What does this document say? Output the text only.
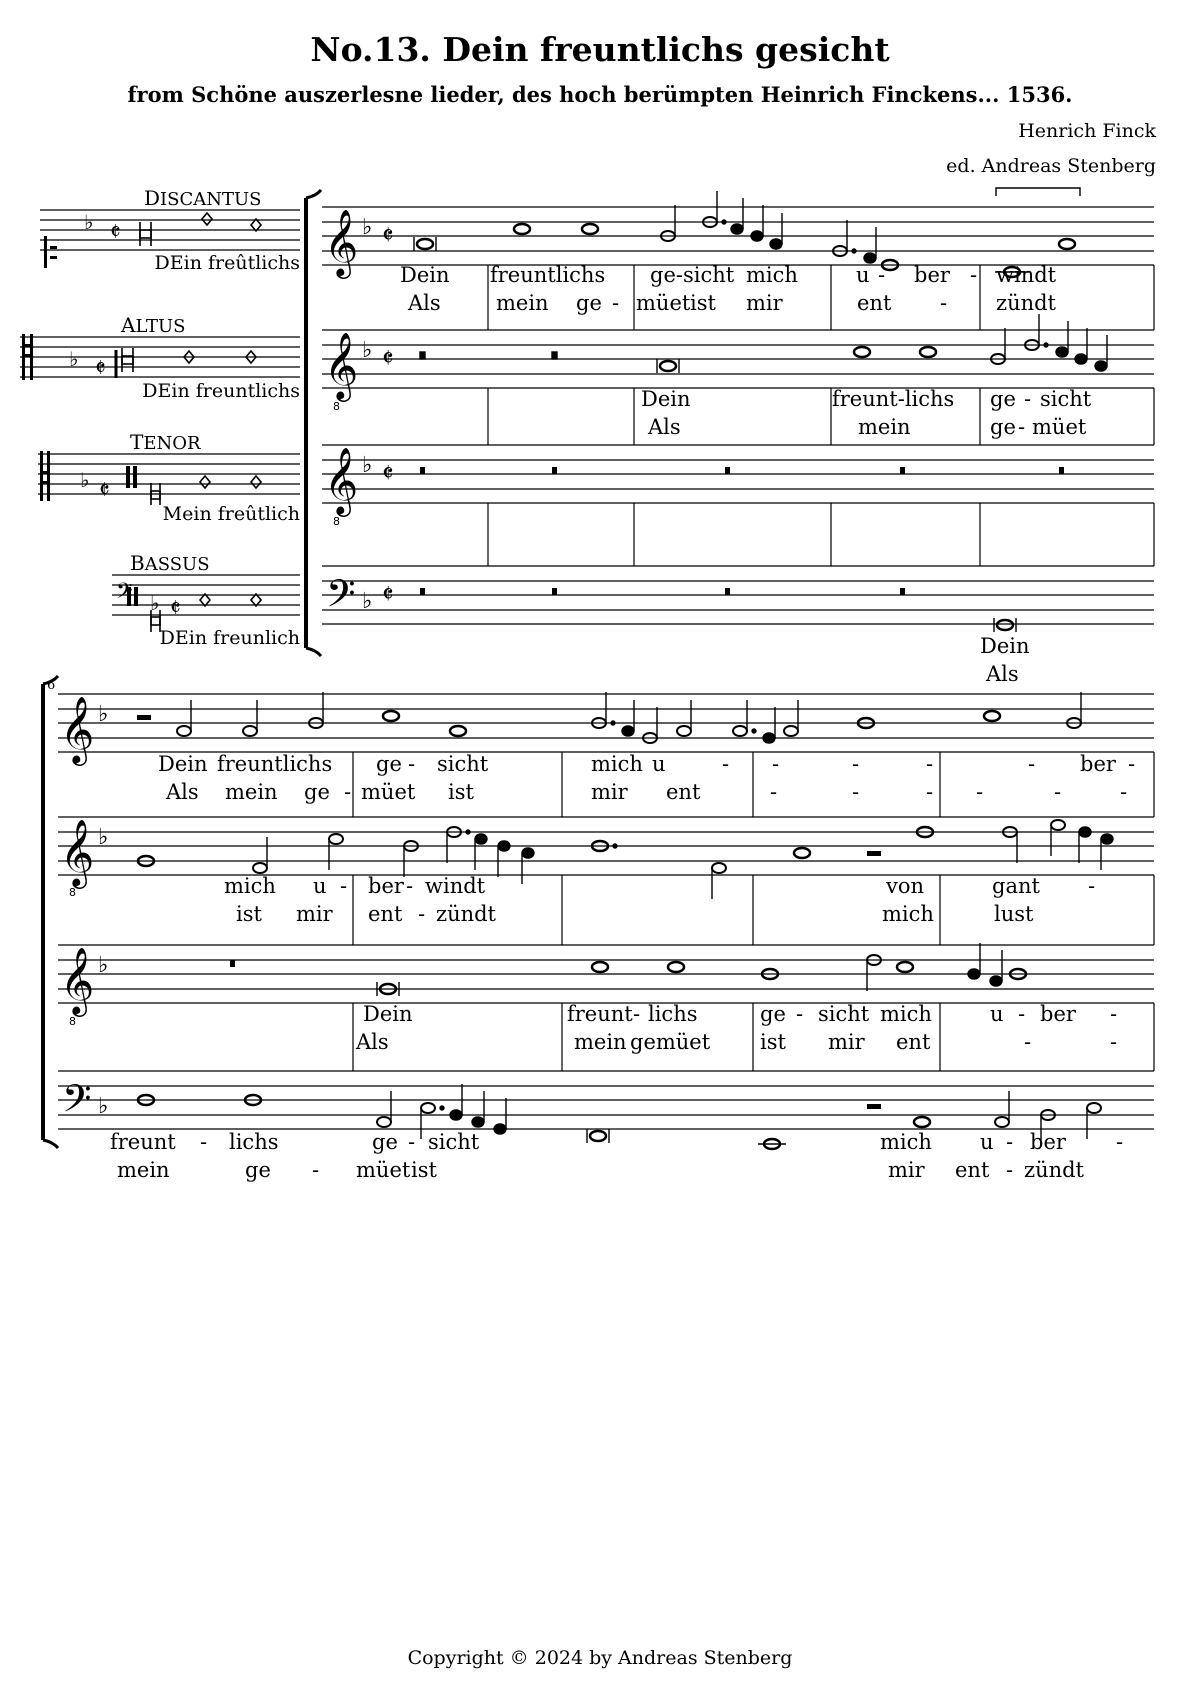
No.13. Dein freuntlichs gesicht
from Schöne auszerlesne lieder, des hoch berümpten Heinrich Finckens... 1536.
Henrich Finck
ed. Andreas Stenberg
DISCANTUS
ALTUS
TENOR
BASSUS
DEin freûtlichs
DEin freuntlichs
Mein freûtlich
DEin freunlich
6
♭ 𝄵
♭ 𝄵
♭ 𝄵
𝄢 ♭ 𝄵
𝄞
𝄞
𝄞
𝄢
8
8
♭
♭
♭
♭
𝄵
𝄵
𝄵
𝄵
𝄞
𝄞
𝄞
𝄢
8
8
♭
♭
♭
♭
Dein freuntlichs ge-sicht mich	u - ber - windt
Als	mein ge - müet ist mir	ent - zündt
Dein	freunt-lichs ge - sicht
Als	mein	ge - müet
Dein
Als
Dein freuntlichs ge - sicht	mich u	- -	-	-	- ber -
Als mein ge - müet ist	mir ent	-	-	- -	-	-
mich u - ber - windt	von	gant -
ist mir ent - zündt	mich	lust
Dein	freunt - lichs	ge - sicht mich	u - ber -
Als	mein gemüet ist mir ent	-	-
freunt - lichs	ge - sicht	mich u - ber -
mein	ge - müet ist	mir ent - zündt
Copyright © 2024 by Andreas Stenberg
